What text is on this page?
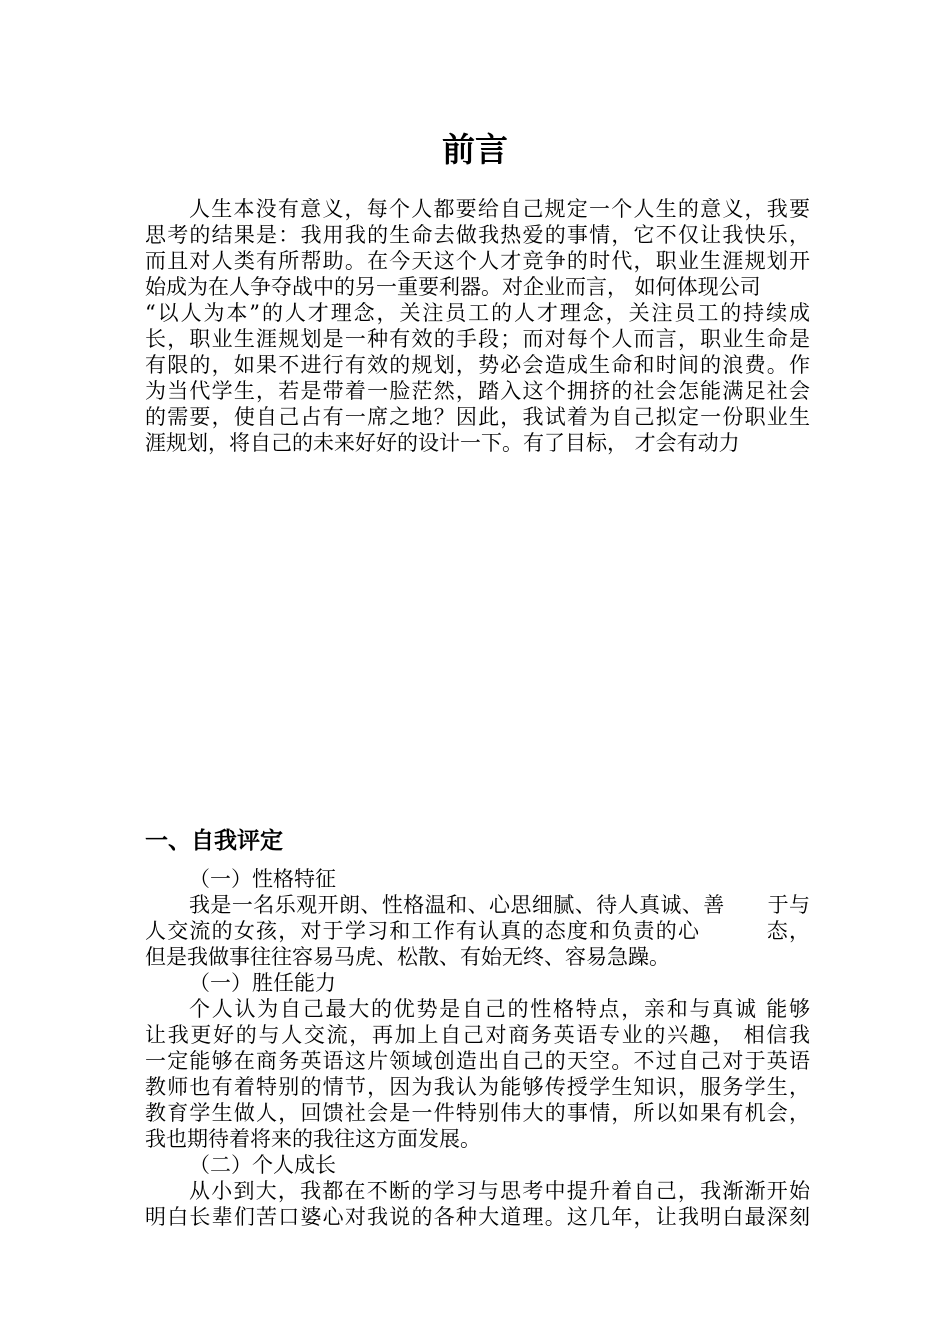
前言
人生本没有意义，每个人都要给自己规定一个人生的意义，我要
思考的结果是：我用我的生命去做我热爱的事情，它不仅让我快乐，
而且对人类有所帮助。在今天这个人才竞争的时代，职业生涯规划开
始成为在人争夺战中的另一重要利器。对企业而言， 如何体现公司
“以人为本”的人才理念，关注员工的人才理念，关注员工的持续成
长，职业生涯规划是一种有效的手段；而对每个人而言，职业生命是
有限的，如果不进行有效的规划，势必会造成生命和时间的浪费。作
为当代学生，若是带着一脸茫然，踏入这个拥挤的社会怎能满足社会
的需要，使自己占有一席之地？因此，我试着为自己拟定一份职业生
涯规划，将自己的未来好好的设计一下。有了目标， 才会有动力
一、自我评定
（一）性格特征
我是一名乐观开朗、性格温和、心思细腻、待人真诚、善　　于与
人交流的女孩，对于学习和工作有认真的态度和负责的心　　　态，
但是我做事往往容易马虎、松散、有始无终、容易急躁。
（一）胜任能力
个人认为自己最大的优势是自己的性格特点，亲和与真诚 能够
让我更好的与人交流，再加上自己对商务英语专业的兴趣， 相信我
一定能够在商务英语这片领域创造出自己的天空。不过自己对于英语
教师也有着特别的情节，因为我认为能够传授学生知识，服务学生，
教育学生做人，回馈社会是一件特别伟大的事情，所以如果有机会，
我也期待着将来的我往这方面发展。
（二）个人成长
从小到大，我都在不断的学习与思考中提升着自己，我渐渐开始
明白长辈们苦口婆心对我说的各种大道理。这几年，让我明白最深刻
